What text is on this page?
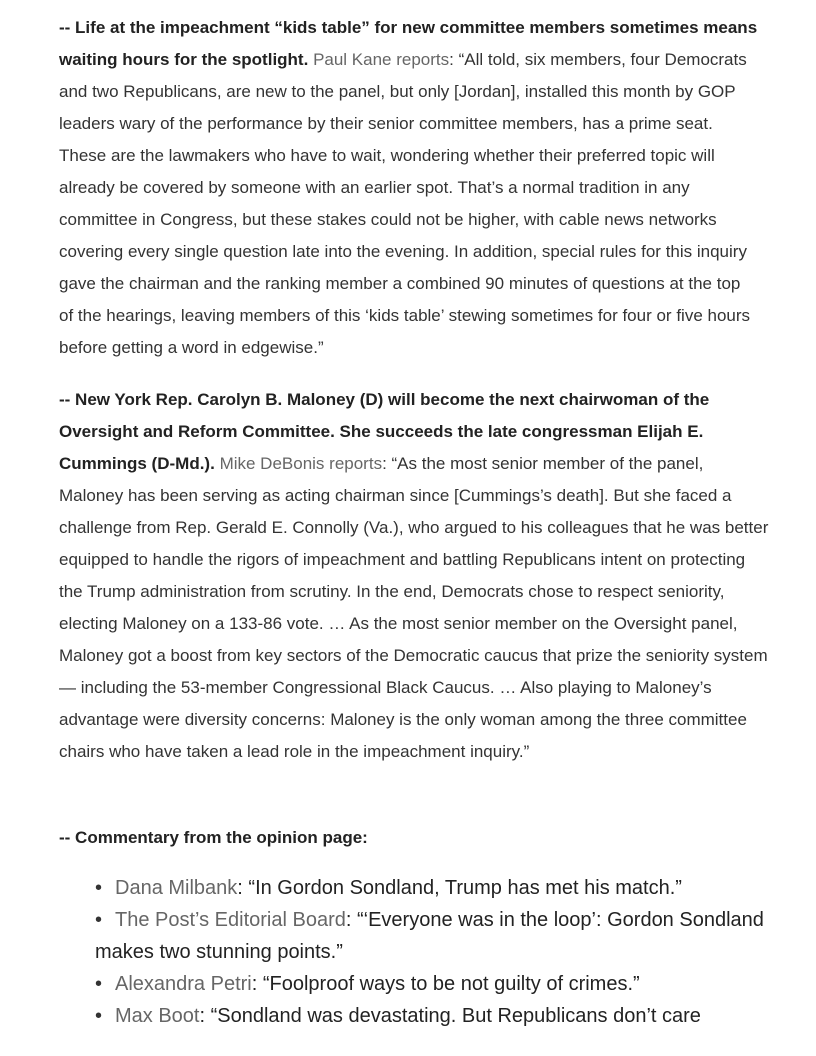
-- Life at the impeachment “kids table” for new committee members sometimes means waiting hours for the spotlight. Paul Kane reports: “All told, six members, four Democrats and two Republicans, are new to the panel, but only [Jordan], installed this month by GOP leaders wary of the performance by their senior committee members, has a prime seat. These are the lawmakers who have to wait, wondering whether their preferred topic will already be covered by someone with an earlier spot. That’s a normal tradition in any committee in Congress, but these stakes could not be higher, with cable news networks covering every single question late into the evening. In addition, special rules for this inquiry gave the chairman and the ranking member a combined 90 minutes of questions at the top of the hearings, leaving members of this ‘kids table’ stewing sometimes for four or five hours before getting a word in edgewise.”

-- New York Rep. Carolyn B. Maloney (D) will become the next chairwoman of the Oversight and Reform Committee. She succeeds the late congressman Elijah E. Cummings (D-Md.). Mike DeBonis reports: “As the most senior member of the panel, Maloney has been serving as acting chairman since [Cummings’s death]. But she faced a challenge from Rep. Gerald E. Connolly (Va.), who argued to his colleagues that he was better equipped to handle the rigors of impeachment and battling Republicans intent on protecting the Trump administration from scrutiny. In the end, Democrats chose to respect seniority, electing Maloney on a 133-86 vote. … As the most senior member on the Oversight panel, Maloney got a boost from key sectors of the Democratic caucus that prize the seniority system — including the 53-member Congressional Black Caucus. … Also playing to Maloney’s advantage were diversity concerns: Maloney is the only woman among the three committee chairs who have taken a lead role in the impeachment inquiry.”

-- Commentary from the opinion page:

• Dana Milbank: “In Gordon Sondland, Trump has met his match.”
• The Post’s Editorial Board: “‘Everyone was in the loop’: Gordon Sondland makes two stunning points.”
• Alexandra Petri: “Foolproof ways to be not guilty of crimes.”
• Max Boot: “Sondland was devastating. But Republicans don’t care
